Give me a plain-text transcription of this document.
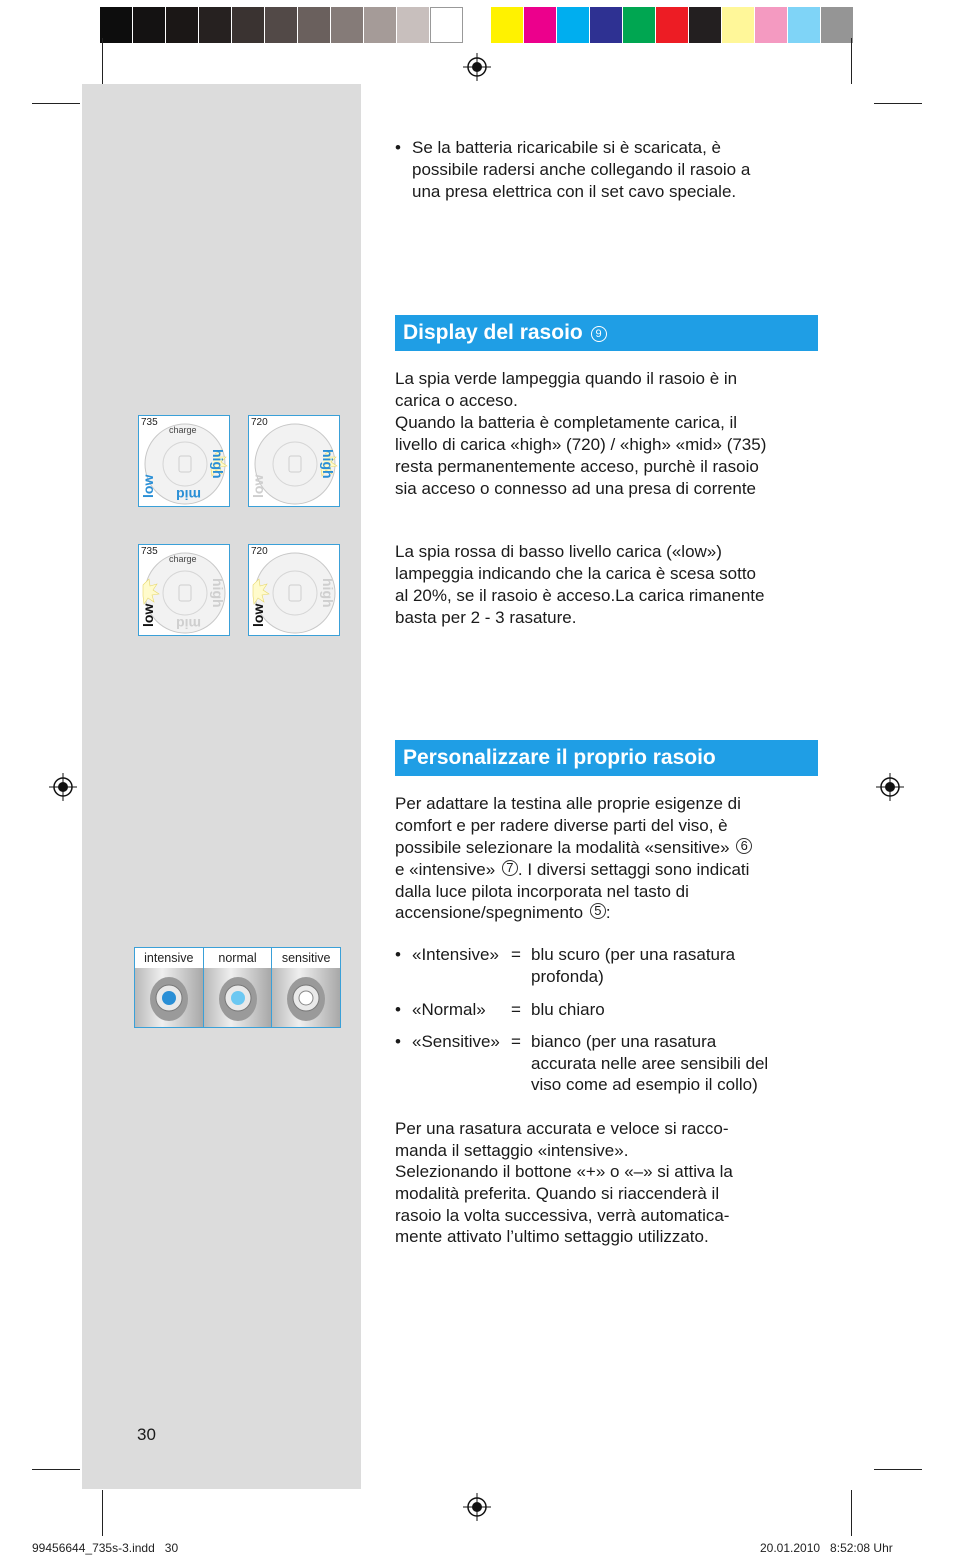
• Se la batteria ricaricabile si è scaricata, è
possibile radersi anche collegando il rasoio a
una presa elettrica con il set cavo speciale.
Display del rasoio 9
La spia verde lampeggia quando il rasoio è in
carica o acceso.
Quando la batteria è completamente carica, il
livello di carica «high» (720) / «high» «mid» (735)
resta permanentemente acceso, purchè il rasoio
sia acceso o connesso ad una presa di corrente
La spia rossa di basso livello carica («low»)
lampeggia indicando che la carica è scesa sotto
al 20%, se il rasoio è acceso.La carica rimanente
basta per 2 - 3 rasature.
charge
low
high
mid
735
low
high
720
charge
low
high
mid
735
low
high
720
Personalizzare il proprio rasoio
Per adattare la testina alle proprie esigenze di
comfort e per radere diverse parti del viso, è
possibile selezionare la modalità «sensitive» 6
e «intensive» 7 . I diversi settaggi sono indicati
dalla luce pilota incorporata nel tasto di
accensione/spegnimento 5 :
• «Intensive» = blu scuro (per una rasatura
profonda)
• «Normal» = blu chiaro
• «Sensitive» = bianco (per una rasatura
accurata nelle aree sensibili del
viso come ad esempio il collo)
Per una rasatura accurata e veloce si racco-
manda il settaggio «intensive».
Selezionando il bottone «+» o «–» si attiva la
modalità preferita. Quando si riaccenderà il
rasoio la volta successiva, verrà automatica-
mente attivato l’ultimo settaggio utilizzato.
intensive	normal	sensitive
30
99456644_735s-3.indd   30	20.01.2010   8:52:08 Uhr
